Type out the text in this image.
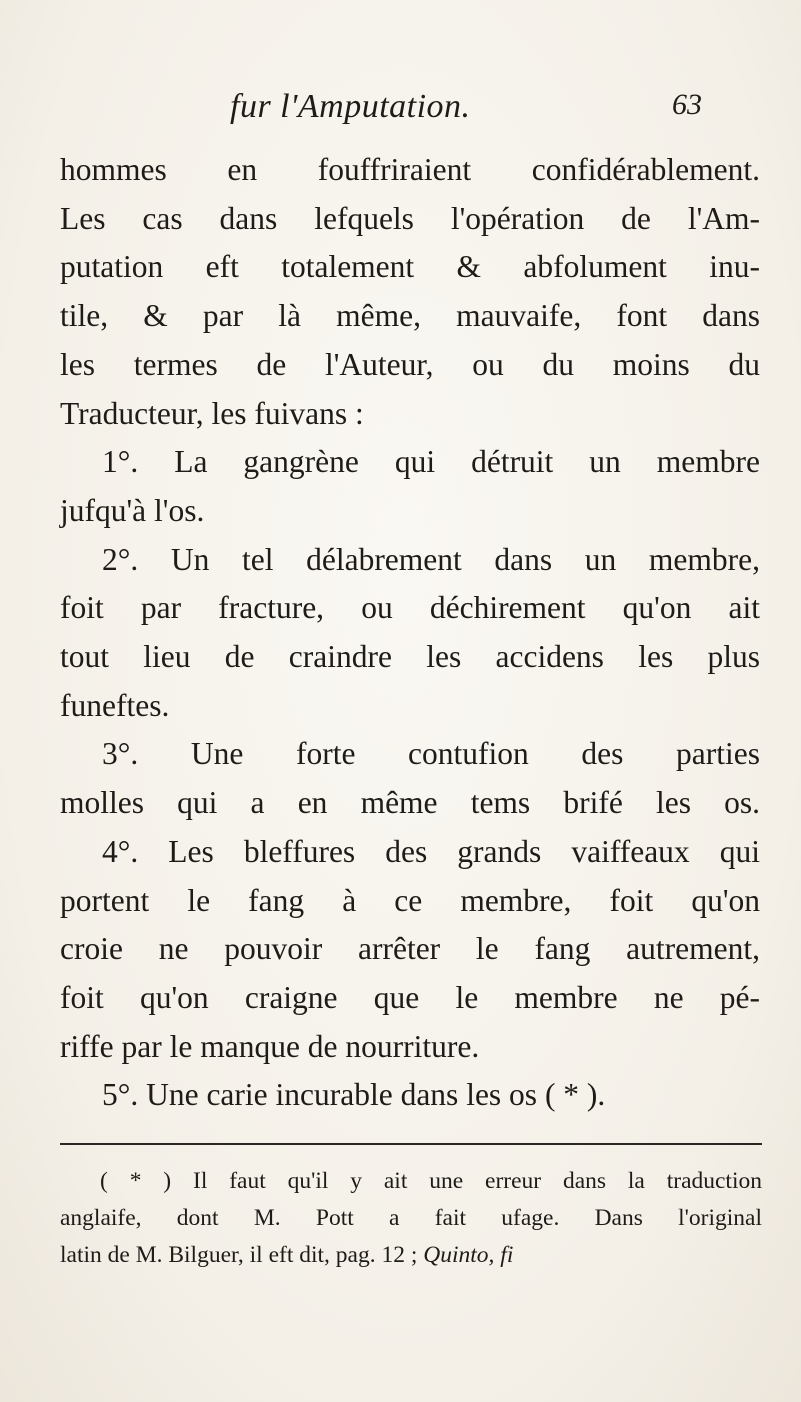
fur l'Amputation.	63
hommes en fouffriraient confidérablement.
Les cas dans lefquels l'opération de l'Am-
putation eft totalement & abfolument inu-
tile, & par là même, mauvaife, font dans
les termes de l'Auteur, ou du moins du
Traducteur, les fuivans :
1°. La gangrène qui détruit un membre
jufqu'à l'os.
2°. Un tel délabrement dans un membre,
foit par fracture, ou déchirement qu'on ait
tout lieu de craindre les accidens les plus
funeftes.
3°. Une forte contufion des parties
molles qui a en même tems brifé les os.
4°. Les bleffures des grands vaiffeaux qui
portent le fang à ce membre, foit qu'on
croie ne pouvoir arrêter le fang autrement,
foit qu'on craigne que le membre ne pé-
riffe par le manque de nourriture.
5°. Une carie incurable dans les os ( * ).
( * ) Il faut qu'il y ait une erreur dans la traduction
anglaife, dont M. Pott a fait ufage. Dans l'original
latin de M. Bilguer, il eft dit, pag. 12 ; Quinto, fi
